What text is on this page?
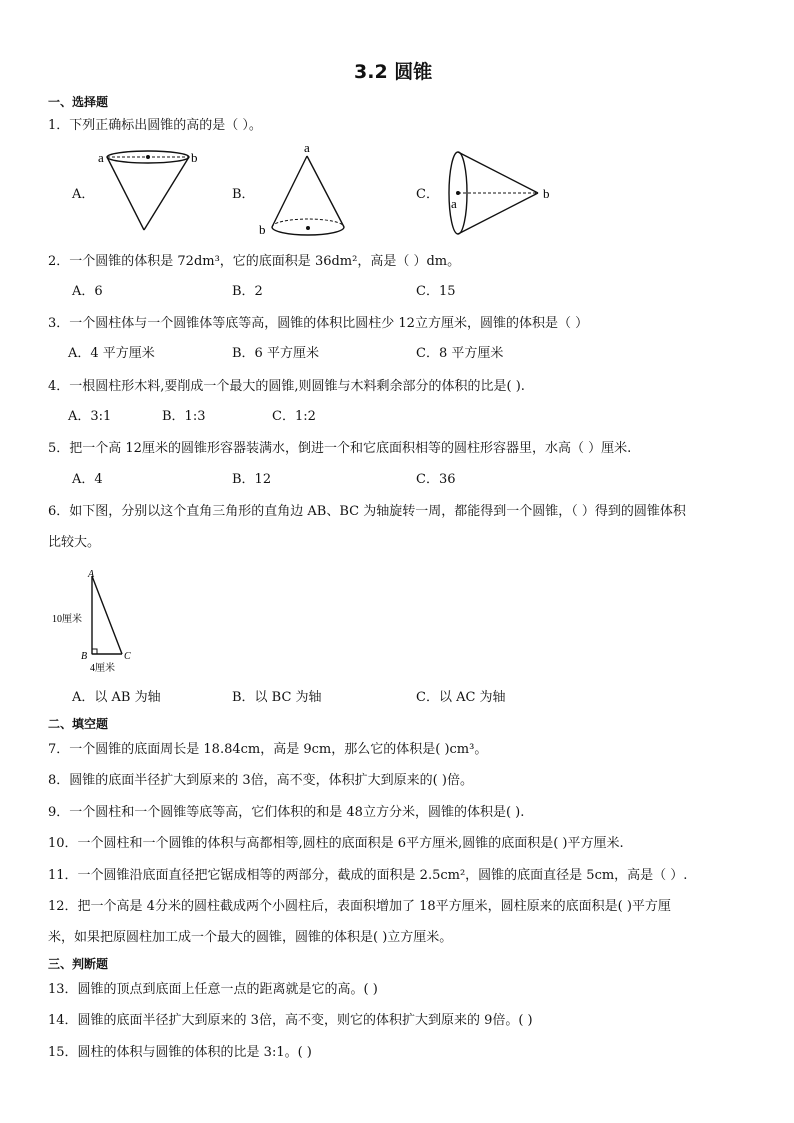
3.2 圆锥
一、选择题
1．下列正确标出圆锥的高的是（ ）。
A．
a	b
B．
a
b
C．
a
b
2．一个圆锥的体积是 72dm³，它的底面积是 36dm²，高是（ ）dm。
A．6	B．2	C．15
3．一个圆柱体与一个圆锥体等底等高，圆锥的体积比圆柱少 12立方厘米，圆锥的体积是（ ）
A．4 平方厘米	B．6 平方厘米	C．8 平方厘米
4．一根圆柱形木料,要削成一个最大的圆锥,则圆锥与木料剩余部分的体积的比是( ).
A．3:1	B．1:3	C．1:2
5．把一个高 12厘米的圆锥形容器装满水，倒进一个和它底面积相等的圆柱形容器里，水高（ ）厘米.
A．4	B．12	C．36
6．如下图，分别以这个直角三角形的直角边 AB、BC 为轴旋转一周，都能得到一个圆锥，（ ）得到的圆锥体积
比较大。
A
B	C
10厘米
4厘米
A．以 AB 为轴	B．以 BC 为轴	C．以 AC 为轴
二、填空题
7．一个圆锥的底面周长是 18.84cm，高是 9cm，那么它的体积是( )cm³。
8．圆锥的底面半径扩大到原来的 3倍，高不变，体积扩大到原来的( )倍。
9．一个圆柱和一个圆锥等底等高，它们体积的和是 48立方分米，圆锥的体积是( ).
10．一个圆柱和一个圆锥的体积与高都相等,圆柱的底面积是 6平方厘米,圆锥的底面积是( )平方厘米.
11．一个圆锥沿底面直径把它锯成相等的两部分，截成的面积是 2.5cm²，圆锥的底面直径是 5cm，高是（ ）.
12．把一个高是 4分米的圆柱截成两个小圆柱后，表面积增加了 18平方厘米，圆柱原来的底面积是( )平方厘
米，如果把原圆柱加工成一个最大的圆锥，圆锥的体积是( )立方厘米。
三、判断题
13．圆锥的顶点到底面上任意一点的距离就是它的高。( )
14．圆锥的底面半径扩大到原来的 3倍，高不变，则它的体积扩大到原来的 9倍。( )
15．圆柱的体积与圆锥的体积的比是 3:1。( )
